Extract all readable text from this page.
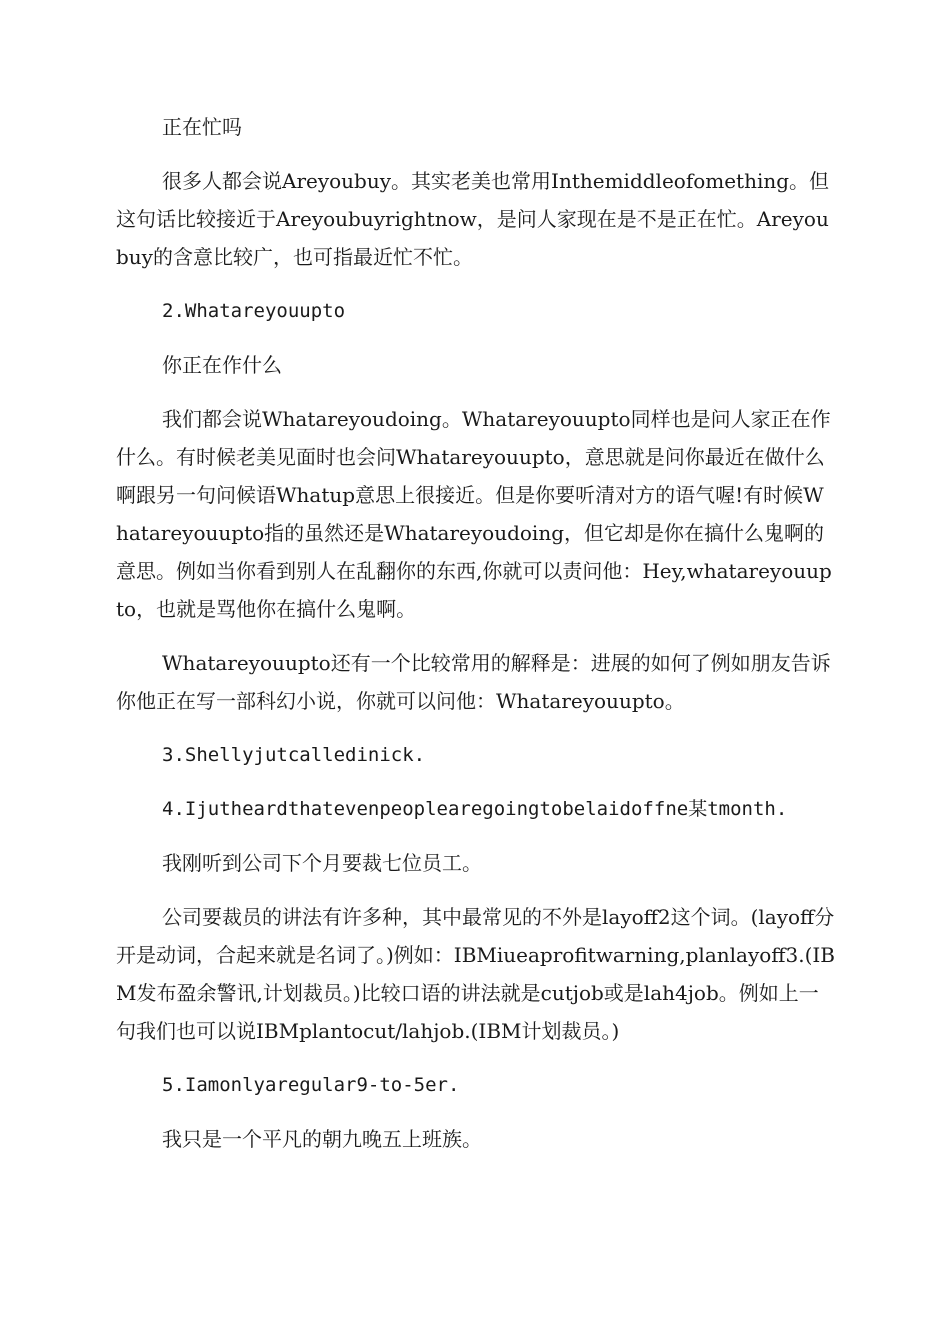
正在忙吗

很多人都会说Areyoubuy。其实老美也常用Inthemiddleofomething。但这句话比较接近于Areyoubuyrightnow，是问人家现在是不是正在忙。Areyoubuy的含意比较广，也可指最近忙不忙。

2.Whatareyouupto

你正在作什么

我们都会说Whatareyoudoing。Whatareyouupto同样也是问人家正在作什么。有时候老美见面时也会问Whatareyouupto，意思就是问你最近在做什么啊跟另一句问候语Whatup意思上很接近。但是你要听清对方的语气喔!有时候Whatareyouupto指的虽然还是Whatareyoudoing，但它却是你在搞什么鬼啊的意思。例如当你看到别人在乱翻你的东西,你就可以责问他：Hey,whatareyouupto，也就是骂他你在搞什么鬼啊。

Whatareyouupto还有一个比较常用的解释是：进展的如何了例如朋友告诉你他正在写一部科幻小说，你就可以问他：Whatareyouupto。

3.Shellyjutcalledinick.

4.Ijutheardthatevenpeoplearegoingtobelaidoffne某tmonth.

我刚听到公司下个月要裁七位员工。

公司要裁员的讲法有许多种，其中最常见的不外是layoff2这个词。(layoff分开是动词，合起来就是名词了。)例如：IBMiueaprofitwarning,planlayoff3.(IBM发布盈余警讯,计划裁员。)比较口语的讲法就是cutjob或是lah4job。例如上一句我们也可以说IBMplantocut/lahjob.(IBM计划裁员。)

5.Iamonlyaregular9-to-5er.

我只是一个平凡的朝九晚五上班族。
